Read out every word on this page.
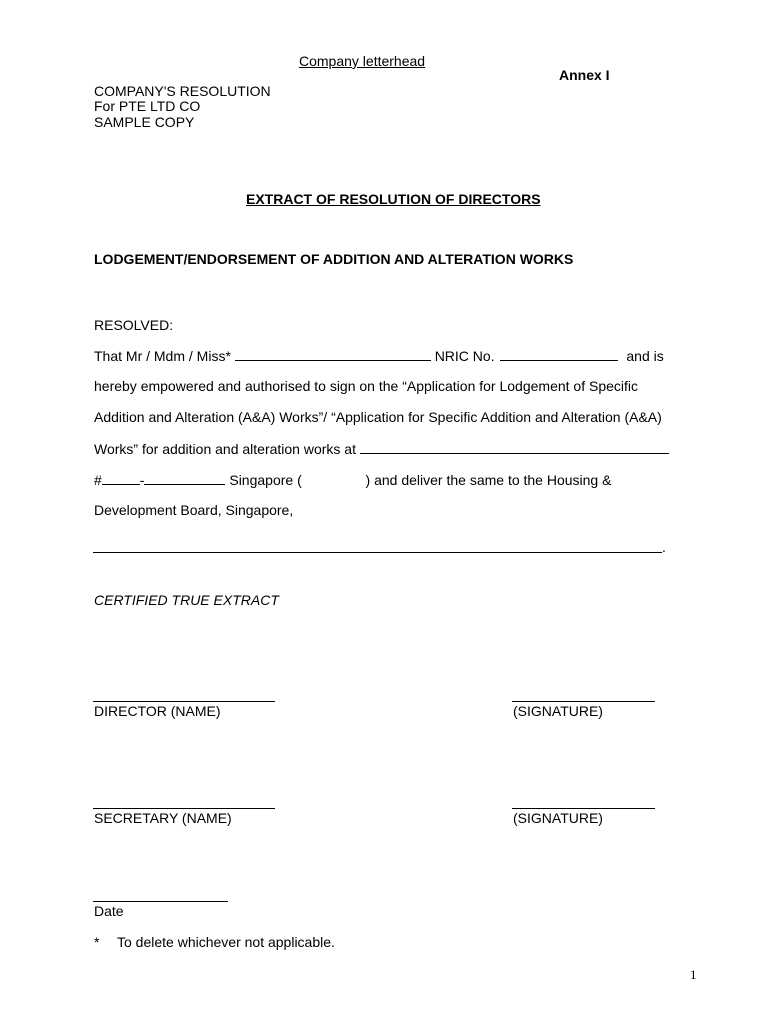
Company letterhead
Annex I
COMPANY'S RESOLUTION
For PTE LTD CO
SAMPLE COPY
EXTRACT OF RESOLUTION OF DIRECTORS
LODGEMENT/ENDORSEMENT OF ADDITION AND ALTERATION WORKS
RESOLVED:
That Mr / Mdm / Miss*	NRIC No.	and is
hereby empowered and authorised to sign on the “Application for Lodgement of Specific
Addition and Alteration (A&A) Works”/ “Application for Specific Addition and Alteration (A&A)
Works” for addition and alteration works at
#	-	Singapore (	) and deliver the same to the Housing &
Development Board, Singapore,
.
CERTIFIED TRUE EXTRACT
DIRECTOR (NAME)	(SIGNATURE)
SECRETARY (NAME)	(SIGNATURE)
Date
* To delete whichever not applicable.
1
